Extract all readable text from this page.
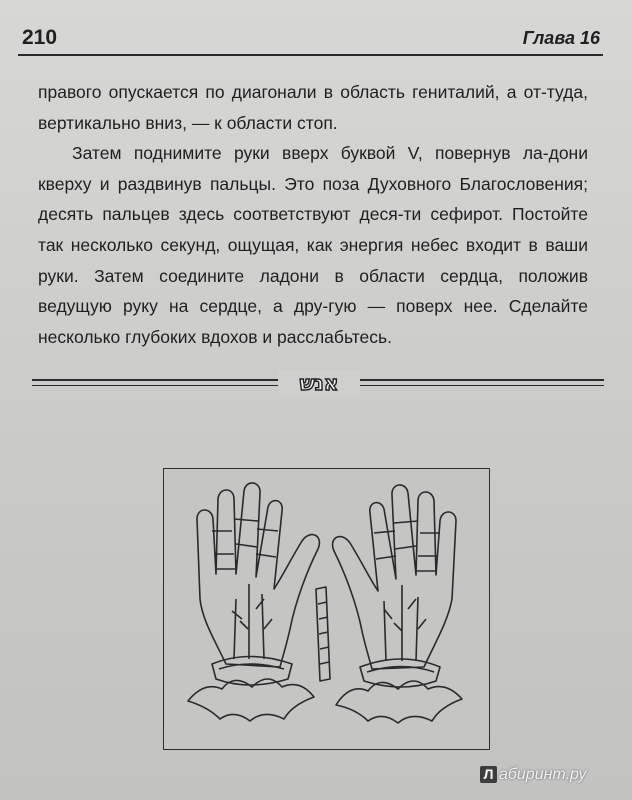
210	Глава 16

правого опускается по диагонали в область гениталий, а от-туда, вертикально вниз, — к области стоп.

Затем поднимите руки вверх буквой V, повернув ла-дони кверху и раздвинув пальцы. Это поза Духовного Благословения; десять пальцев здесь соответствуют деся-ти сефирот. Постойте так несколько секунд, ощущая, как энергия небес входит в ваши руки. Затем соедините ладони в области сердца, положив ведущую руку на сердце, а дру-гую — поверх нее. Сделайте несколько глубоких вдохов и расслабьтесь.

אנש
Л абиринт.ру
